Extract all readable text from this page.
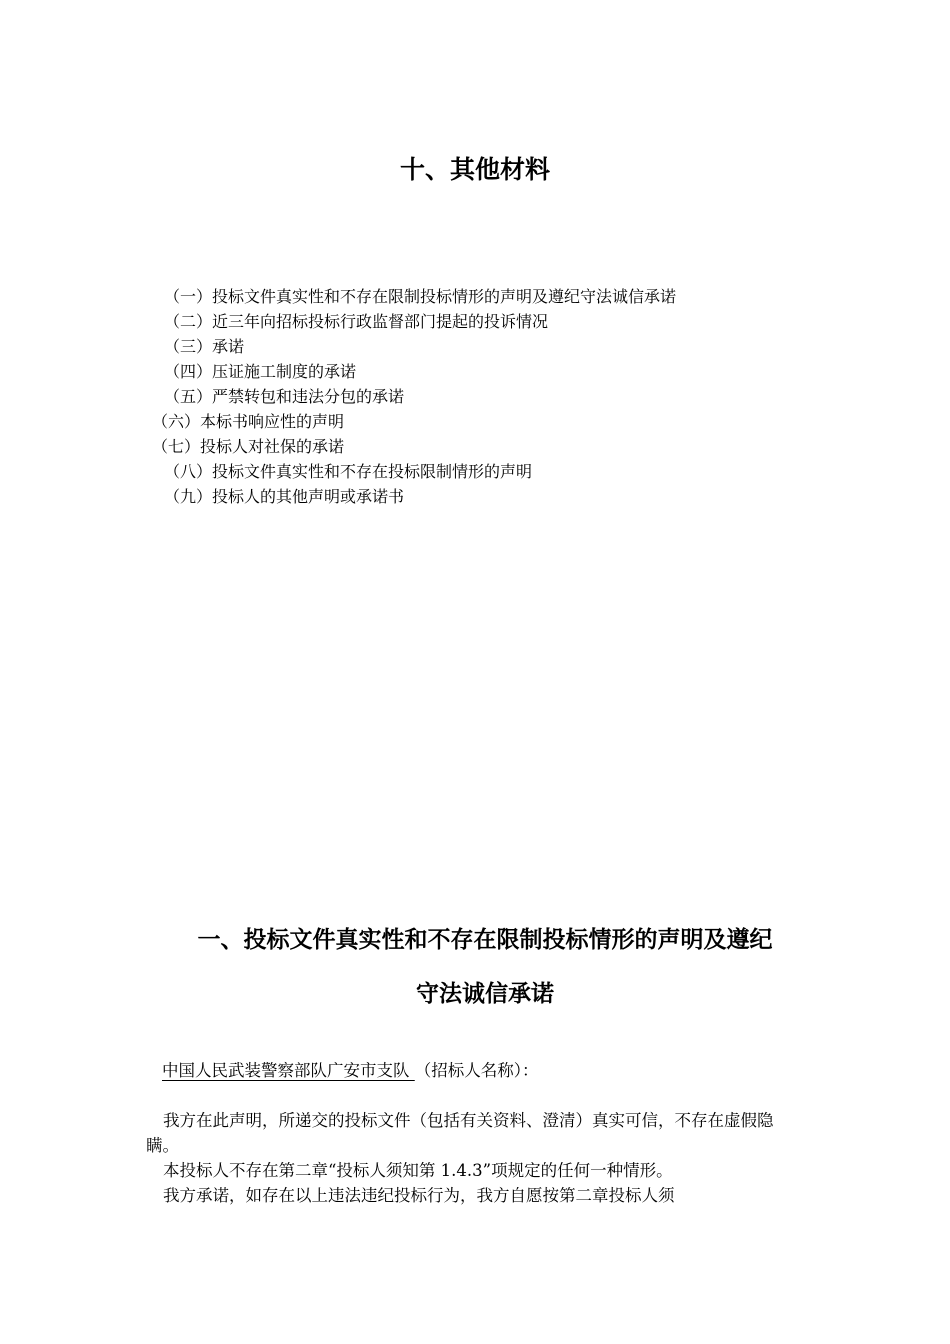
十、其他材料
（一）投标文件真实性和不存在限制投标情形的声明及遵纪守法诚信承诺
（二）近三年向招标投标行政监督部门提起的投诉情况
（三）承诺
（四）压证施工制度的承诺
（五）严禁转包和违法分包的承诺
（六）本标书响应性的声明
（七）投标人对社保的承诺
（八）投标文件真实性和不存在投标限制情形的声明
（九）投标人的其他声明或承诺书
一、投标文件真实性和不存在限制投标情形的声明及遵纪
守法诚信承诺

中国人民武装警察部队广安市支队 （招标人名称）：

我方在此声明，所递交的投标文件（包括有关资料、澄清）真实可信，不存在虚假隐瞒。

本投标人不存在第二章“投标人须知第 1.4.3”项规定的任何一种情形。

我方承诺，如存在以上违法违纪投标行为，我方自愿按第二章投标人须
